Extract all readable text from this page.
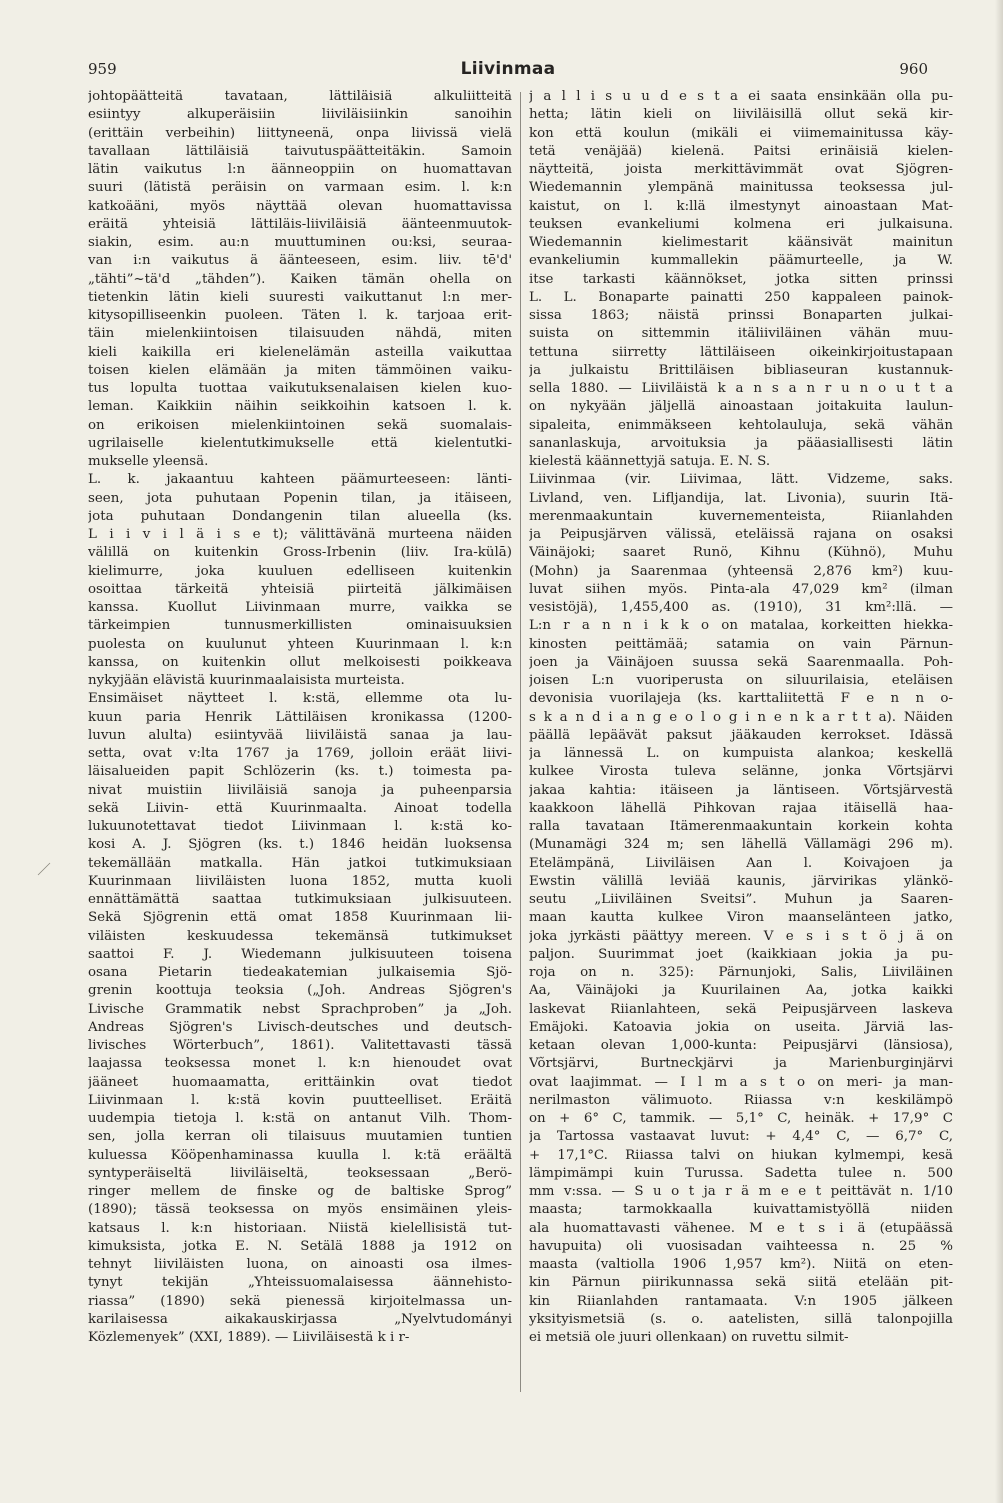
959	Liivinmaa	960
johtopäätteitä tavataan, lättiläisiä alkuliitteitä
esiintyy alkuperäisiin liiviläisiinkin sanoihin
(erittäin verbeihin) liittyneenä, onpa liivissä vielä
tavallaan lättiläisiä taivutuspäätteitäkin. Samoin
lätin vaikutus l:n äänneoppiin on huomattavan
suuri (lätistä peräisin on varmaan esim. l. k:n
katkoääni, myös näyttää olevan huomattavissa
eräitä yhteisiä lättiläis-liiviläisiä äänteenmuutok-
siakin, esim. au:n muuttuminen ou:ksi, seuraa-
van i:n vaikutus ä äänteeseen, esim. liiv. tē'd'
„tähti”~tä'd „tähden”). Kaiken tämän ohella on
tietenkin lätin kieli suuresti vaikuttanut l:n mer-
kitysopilliseenkin puoleen. Täten l. k. tarjoaa erit-
täin mielenkiintoisen tilaisuuden nähdä, miten
kieli kaikilla eri kielenelämän asteilla vaikuttaa
toisen kielen elämään ja miten tämmöinen vaiku-
tus lopulta tuottaa vaikutuksenalaisen kielen kuo-
leman. Kaikkiin näihin seikkoihin katsoen l. k.
on erikoisen mielenkiintoinen sekä suomalais-
ugrilaiselle kielentutkimukselle että kielentutki-
mukselle yleensä.
L. k. jakaantuu kahteen päämurteeseen: länti-
seen, jota puhutaan Popenin tilan, ja itäiseen,
jota puhutaan Dondangenin tilan alueella (ks.
L i i v i l ä i s e t); välittävänä murteena näiden
välillä on kuitenkin Gross-Irbenin (liiv. Ira-külā)
kielimurre, joka kuuluen edelliseen kuitenkin
osoittaa tärkeitä yhteisiä piirteitä jälkimäisen
kanssa. Kuollut Liivinmaan murre, vaikka se
tärkeimpien tunnusmerkillisten ominaisuuksien
puolesta on kuulunut yhteen Kuurinmaan l. k:n
kanssa, on kuitenkin ollut melkoisesti poikkeava
nykyjään elävistä kuurinmaalaisista murteista.
Ensimäiset näytteet l. k:stä, ellemme ota lu-
kuun paria Henrik Lättiläisen kronikassa (1200-
luvun alulta) esiintyvää liiviläistä sanaa ja lau-
setta, ovat v:lta 1767 ja 1769, jolloin eräät liivi-
läisalueiden papit Schlözerin (ks. t.) toimesta pa-
nivat muistiin liiviläisiä sanoja ja puheenparsia
sekä Liivin- että Kuurinmaalta. Ainoat todella
lukuunotettavat tiedot Liivinmaan l. k:stä ko-
kosi A. J. Sjögren (ks. t.) 1846 heidän luoksensa
tekemällään matkalla. Hän jatkoi tutkimuksiaan
Kuurinmaan liiviläisten luona 1852, mutta kuoli
ennättämättä saattaa tutkimuksiaan julkisuuteen.
Sekä Sjögrenin että omat 1858 Kuurinmaan lii-
viläisten keskuudessa tekemänsä tutkimukset
saattoi F. J. Wiedemann julkisuuteen toisena
osana Pietarin tiedeakatemian julkaisemia Sjö-
grenin koottuja teoksia („Joh. Andreas Sjögren's
Livische Grammatik nebst Sprachproben” ja „Joh.
Andreas Sjögren's Livisch-deutsches und deutsch-
livisches Wörterbuch”, 1861). Valitettavasti tässä
laajassa teoksessa monet l. k:n hienoudet ovat
jääneet huomaamatta, erittäinkin ovat tiedot
Liivinmaan l. k:stä kovin puutteelliset. Eräitä
uudempia tietoja l. k:stä on antanut Vilh. Thom-
sen, jolla kerran oli tilaisuus muutamien tuntien
kuluessa Kööpenhaminassa kuulla l. k:tä eräältä
syntyperäiseltä liiviläiseltä, teoksessaan „Berö-
ringer mellem de finske og de baltiske Sprog”
(1890); tässä teoksessa on myös ensimäinen yleis-
katsaus l. k:n historiaan. Niistä kielellisistä tut-
kimuksista, jotka E. N. Setälä 1888 ja 1912 on
tehnyt liiviläisten luona, on ainoasti osa ilmes-
tynyt tekijän „Yhteissuomalaisessa äännehisto-
riassa” (1890) sekä pienessä kirjoitelmassa un-
karilaisessa aikakauskirjassa „Nyelvtudományi
Közlemenyek” (XXI, 1889). — Liiviläisestä k i r-
j a l l i s u u d e s t a ei saata ensinkään olla pu-
hetta; lätin kieli on liiviläisillä ollut sekä kir-
kon että koulun (mikäli ei viimemainitussa käy-
tetä venäjää) kielenä. Paitsi erinäisiä kielen-
näytteitä, joista merkittävimmät ovat Sjögren-
Wiedemannin ylempänä mainitussa teoksessa jul-
kaistut, on l. k:llä ilmestynyt ainoastaan Mat-
teuksen evankeliumi kolmena eri julkaisuna.
Wiedemannin kielimestarit käänsivät mainitun
evankeliumin kummallekin päämurteelle, ja W.
itse tarkasti käännökset, jotka sitten prinssi
L. L. Bonaparte painatti 250 kappaleen painok-
sissa 1863; näistä prinssi Bonaparten julkai-
suista on sittemmin itäliiviläinen vähän muu-
tettuna siirretty lättiläiseen oikeinkirjoitustapaan
ja julkaistu Brittiläisen bibliaseuran kustannuk-
sella 1880. — Liiviläistä k a n s a n r u n o u t t a
on nykyään jäljellä ainoastaan joitakuita laulun-
sipaleita, enimmäkseen kehtolauluja, sekä vähän
sananlaskuja, arvoituksia ja pääasiallisesti lätin
kielestä käännettyjä satuja. E. N. S.
Liivinmaa (vir. Liivimaa, lätt. Vidzeme, saks.
Livland, ven. Lifljandija, lat. Livonia), suurin Itä-
merenmaakuntain kuvernementeista, Riianlahden
ja Peipusjärven välissä, eteläissä rajana on osaksi
Väinäjoki; saaret Runö, Kihnu (Kühnö), Muhu
(Mohn) ja Saarenmaa (yhteensä 2,876 km²) kuu-
luvat siihen myös. Pinta-ala 47,029 km² (ilman
vesistöjä), 1,455,400 as. (1910), 31 km²:llä. —
L:n r a n n i k k o on matalaa, korkeitten hiekka-
kinosten peittämää; satamia on vain Pärnun-
joen ja Väinäjoen suussa sekä Saarenmaalla. Poh-
joisen L:n vuoriperusta on siluurilaisia, eteläisen
devonisia vuorilajeja (ks. karttaliitettä F e n n o-
s k a n d i a n g e o l o g i n e n k a r t t a). Näiden
päällä lepäävät paksut jääkauden kerrokset. Idässä
ja lännessä L. on kumpuista alankoa; keskellä
kulkee Virosta tuleva selänne, jonka Võrtsjärvi
jakaa kahtia: itäiseen ja läntiseen. Võrtsjärvestä
kaakkoon lähellä Pihkovan rajaa itäisellä haa-
ralla tavataan Itämerenmaakuntain korkein kohta
(Munamägi 324 m; sen lähellä Vällamägi 296 m).
Etelämpänä, Liiviläisen Aan l. Koivajoen ja
Ewstin välillä leviää kaunis, järvirikas ylänkö-
seutu „Liiviläinen Sveitsi”. Muhun ja Saaren-
maan kautta kulkee Viron maanselänteen jatko,
joka jyrkästi päättyy mereen. V e s i s t ö j ä on
paljon. Suurimmat joet (kaikkiaan jokia ja pu-
roja on n. 325): Pärnunjoki, Salis, Liiviläinen
Aa, Väinäjoki ja Kuurilainen Aa, jotka kaikki
laskevat Riianlahteen, sekä Peipusjärveen laskeva
Emäjoki. Katoavia jokia on useita. Järviä las-
ketaan olevan 1,000-kunta: Peipusjärvi (länsiosa),
Võrtsjärvi, Burtneckjärvi ja Marienburginjärvi
ovat laajimmat. — I l m a s t o on meri- ja man-
nerilmaston välimuoto. Riiassa v:n keskilämpö
on + 6° C, tammik. — 5,1° C, heinäk. + 17,9° C
ja Tartossa vastaavat luvut: + 4,4° C, — 6,7° C,
+ 17,1°C. Riiassa talvi on hiukan kylmempi, kesä
lämpimämpi kuin Turussa. Sadetta tulee n. 500
mm v:ssa. — S u o t ja r ä m e e t peittävät n. 1/10
maasta; tarmokkaalla kuivattamistyöllä niiden
ala huomattavasti vähenee. M e t s i ä (etupäässä
havupuita) oli vuosisadan vaihteessa n. 25 %
maasta (valtiolla 1906 1,957 km²). Niitä on eten-
kin Pärnun piirikunnassa sekä siitä etelään pit-
kin Riianlahden rantamaata. V:n 1905 jälkeen
yksityismetsiä (s. o. aatelisten, sillä talonpojilla
ei metsiä ole juuri ollenkaan) on ruvettu silmit-
